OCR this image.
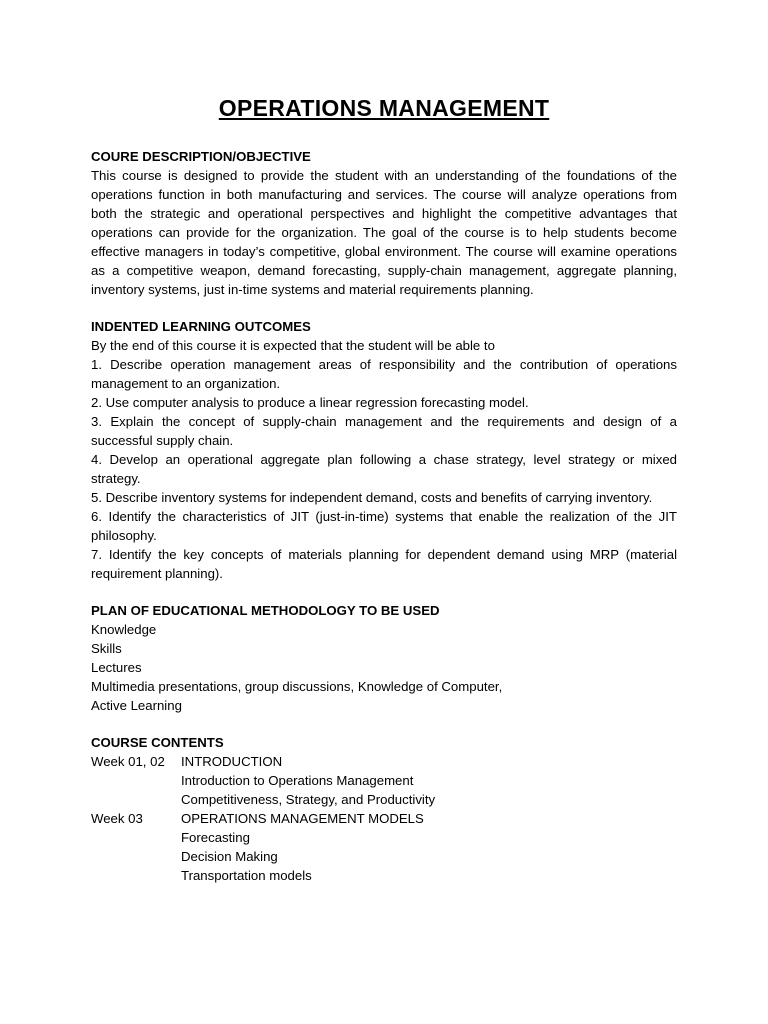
OPERATIONS MANAGEMENT

COURE DESCRIPTION/OBJECTIVE

This course is designed to provide the student with an understanding of the foundations of the operations function in both manufacturing and services. The course will analyze operations from both the strategic and operational perspectives and highlight the competitive advantages that operations can provide for the organization. The goal of the course is to help students become effective managers in today’s competitive, global environment. The course will examine operations as a competitive weapon, demand forecasting, supply-chain management, aggregate planning, inventory systems, just in-time systems and material requirements planning.

INDENTED LEARNING OUTCOMES

By the end of this course it is expected that the student will be able to

1. Describe operation management areas of responsibility and the contribution of operations management to an organization.

2. Use computer analysis to produce a linear regression forecasting model.

3. Explain the concept of supply-chain management and the requirements and design of a successful supply chain.

4. Develop an operational aggregate plan following a chase strategy, level strategy or mixed strategy.

5. Describe inventory systems for independent demand, costs and benefits of carrying inventory.

6. Identify the characteristics of JIT (just-in-time) systems that enable the realization of the JIT philosophy.

7. Identify the key concepts of materials planning for dependent demand using MRP (material requirement planning).

PLAN OF EDUCATIONAL METHODOLOGY TO BE USED

Knowledge

Skills

Lectures

Multimedia presentations, group discussions, Knowledge of Computer,

Active Learning

COURSE CONTENTS

Week 01, 02	INTRODUCTION
Introduction to Operations Management
Competitiveness, Strategy, and Productivity
Week 03	OPERATIONS MANAGEMENT MODELS
Forecasting
Decision Making
Transportation models
